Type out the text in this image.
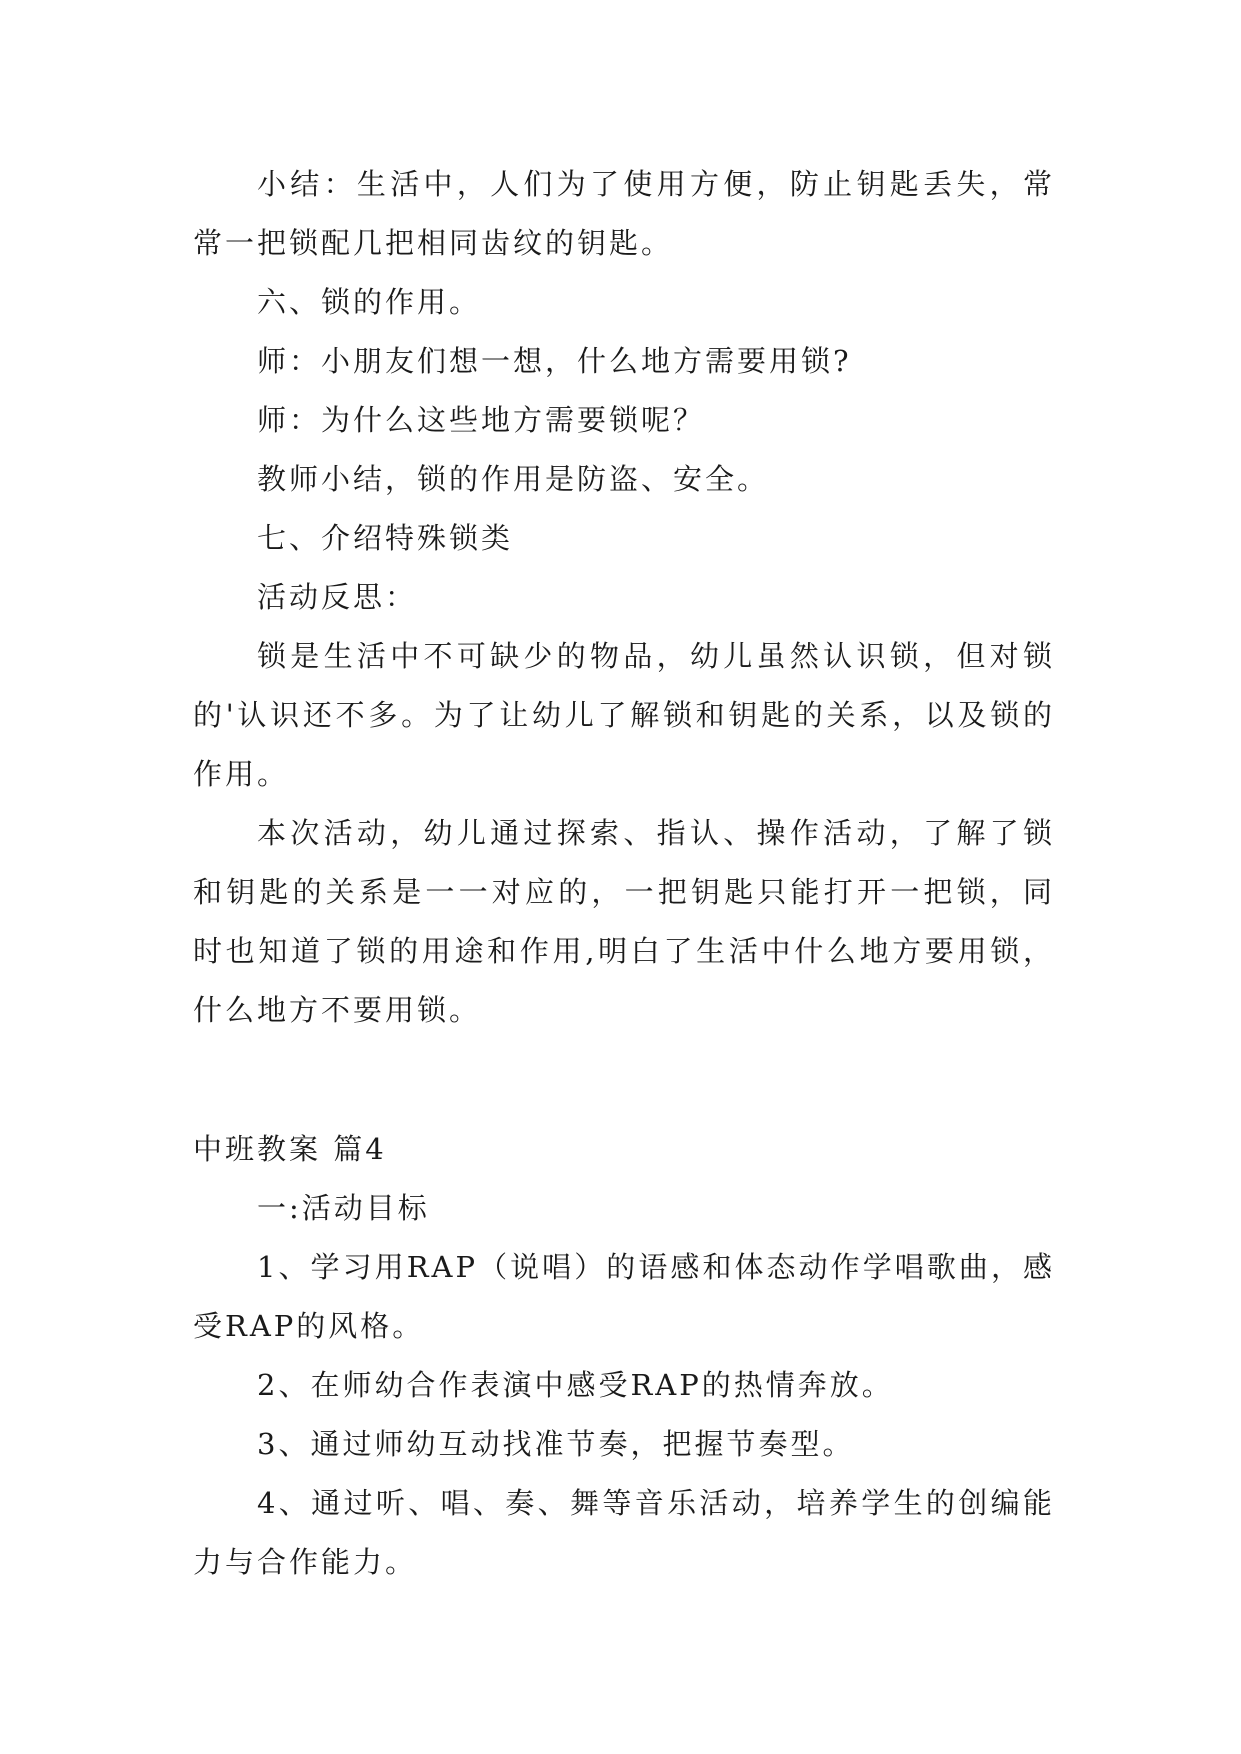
小结：生活中，人们为了使用方便，防止钥匙丢失，常常一把锁配几把相同齿纹的钥匙。

六、锁的作用。

师：小朋友们想一想，什么地方需要用锁?

师：为什么这些地方需要锁呢？

教师小结，锁的作用是防盗、安全。

七、介绍特殊锁类

活动反思：

锁是生活中不可缺少的物品，幼儿虽然认识锁，但对锁的'认识还不多。为了让幼儿了解锁和钥匙的关系，以及锁的作用。

本次活动，幼儿通过探索、指认、操作活动，了解了锁和钥匙的关系是一一对应的，一把钥匙只能打开一把锁，同时也知道了锁的用途和作用,明白了生活中什么地方要用锁，什么地方不要用锁。

中班教案 篇4

一:活动目标

1、学习用RAP（说唱）的语感和体态动作学唱歌曲，感受RAP的风格。

2、在师幼合作表演中感受RAP的热情奔放。

3、通过师幼互动找准节奏，把握节奏型。

4、通过听、唱、奏、舞等音乐活动，培养学生的创编能力与合作能力。
